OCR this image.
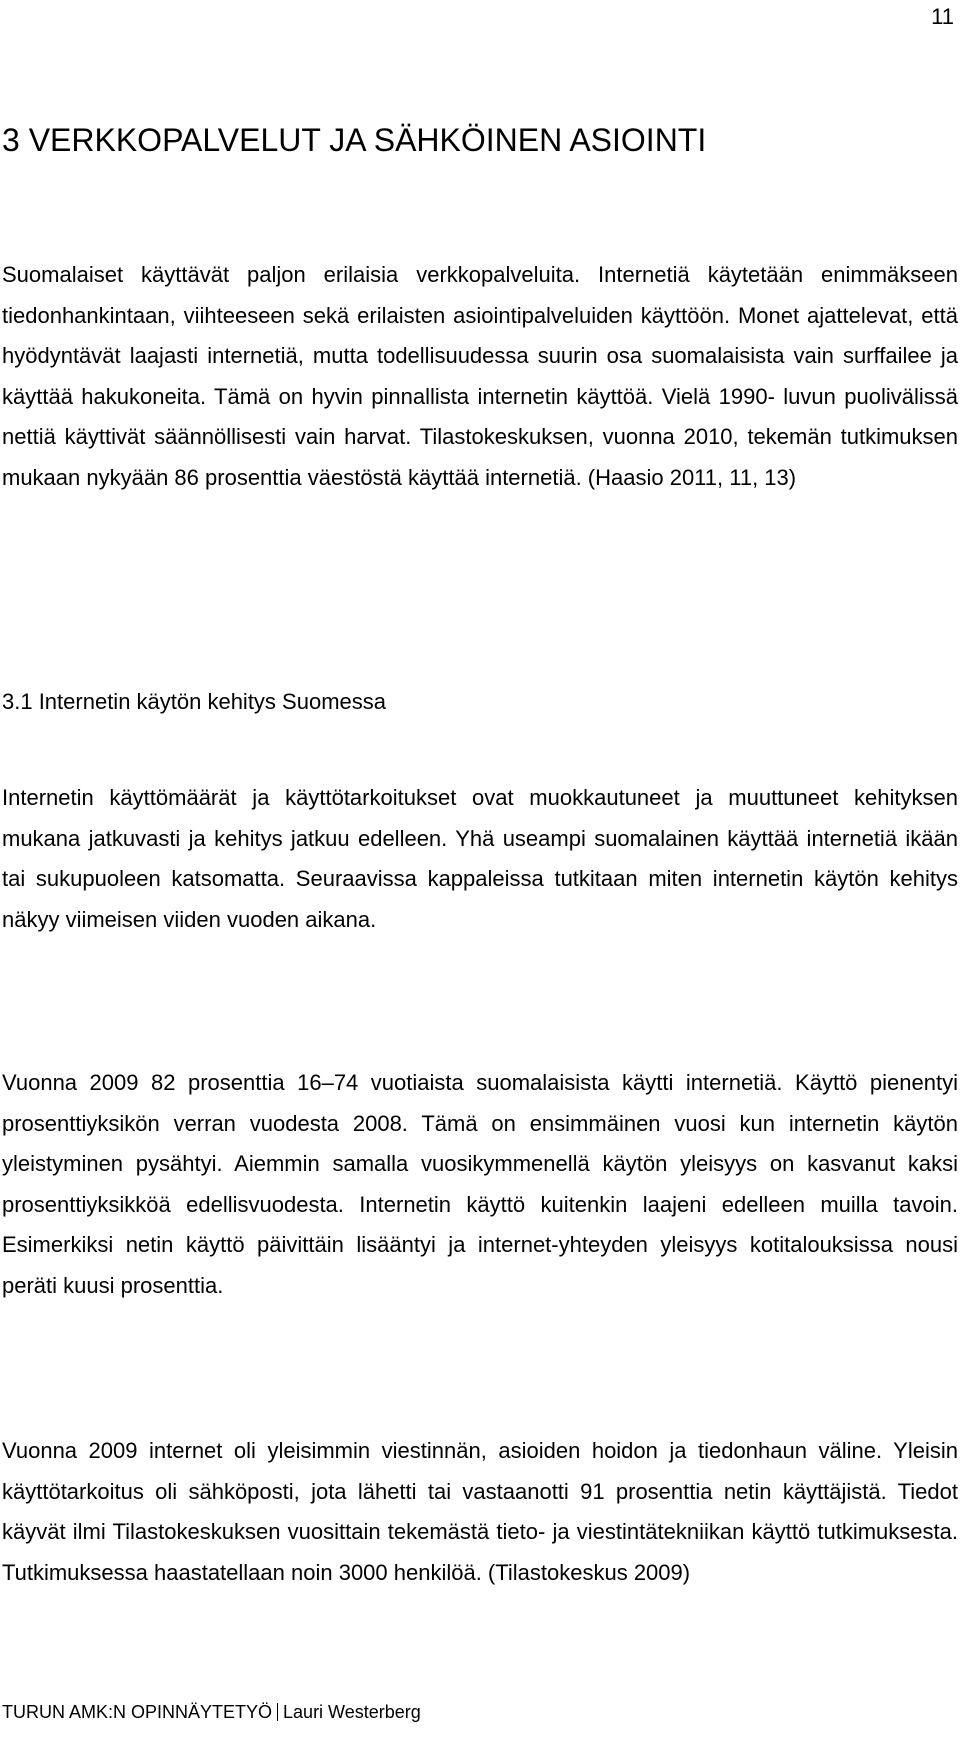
11
3 VERKKOPALVELUT JA SÄHKÖINEN ASIOINTI

Suomalaiset käyttävät paljon erilaisia verkkopalveluita. Internetiä käytetään enimmäkseen tiedonhankintaan, viihteeseen sekä erilaisten asiointipalveluiden käyttöön. Monet ajattelevat, että hyödyntävät laajasti internetiä, mutta todellisuudessa suurin osa suomalaisista vain surffailee ja käyttää hakukoneita. Tämä on hyvin pinnallista internetin käyttöä. Vielä 1990- luvun puolivälissä nettiä käyttivät säännöllisesti vain harvat. Tilastokeskuksen, vuonna 2010, tekemän tutkimuksen mukaan nykyään 86 prosenttia väestöstä käyttää internetiä. (Haasio 2011, 11, 13)

3.1 Internetin käytön kehitys Suomessa

Internetin käyttömäärät ja käyttötarkoitukset ovat muokkautuneet ja muuttuneet kehityksen mukana jatkuvasti ja kehitys jatkuu edelleen. Yhä useampi suomalainen käyttää internetiä ikään tai sukupuoleen katsomatta. Seuraavissa kappaleissa tutkitaan miten internetin käytön kehitys näkyy viimeisen viiden vuoden aikana.

Vuonna 2009 82 prosenttia 16–74 vuotiaista suomalaisista käytti internetiä. Käyttö pienentyi prosenttiyksikön verran vuodesta 2008. Tämä on ensimmäinen vuosi kun internetin käytön yleistyminen pysähtyi. Aiemmin samalla vuosikymmenellä käytön yleisyys on kasvanut kaksi prosenttiyksikköä edellisvuodesta. Internetin käyttö kuitenkin laajeni edelleen muilla tavoin. Esimerkiksi netin käyttö päivittäin lisääntyi ja internet-yhteyden yleisyys kotitalouksissa nousi peräti kuusi prosenttia.

Vuonna 2009 internet oli yleisimmin viestinnän, asioiden hoidon ja tiedonhaun väline. Yleisin käyttötarkoitus oli sähköposti, jota lähetti tai vastaanotti 91 prosenttia netin käyttäjistä. Tiedot käyvät ilmi Tilastokeskuksen vuosittain tekemästä tieto- ja viestintätekniikan käyttö tutkimuksesta. Tutkimuksessa haastatellaan noin 3000 henkilöä. (Tilastokeskus 2009)

TURUN AMK:N OPINNÄYTETYÖ Lauri Westerberg
